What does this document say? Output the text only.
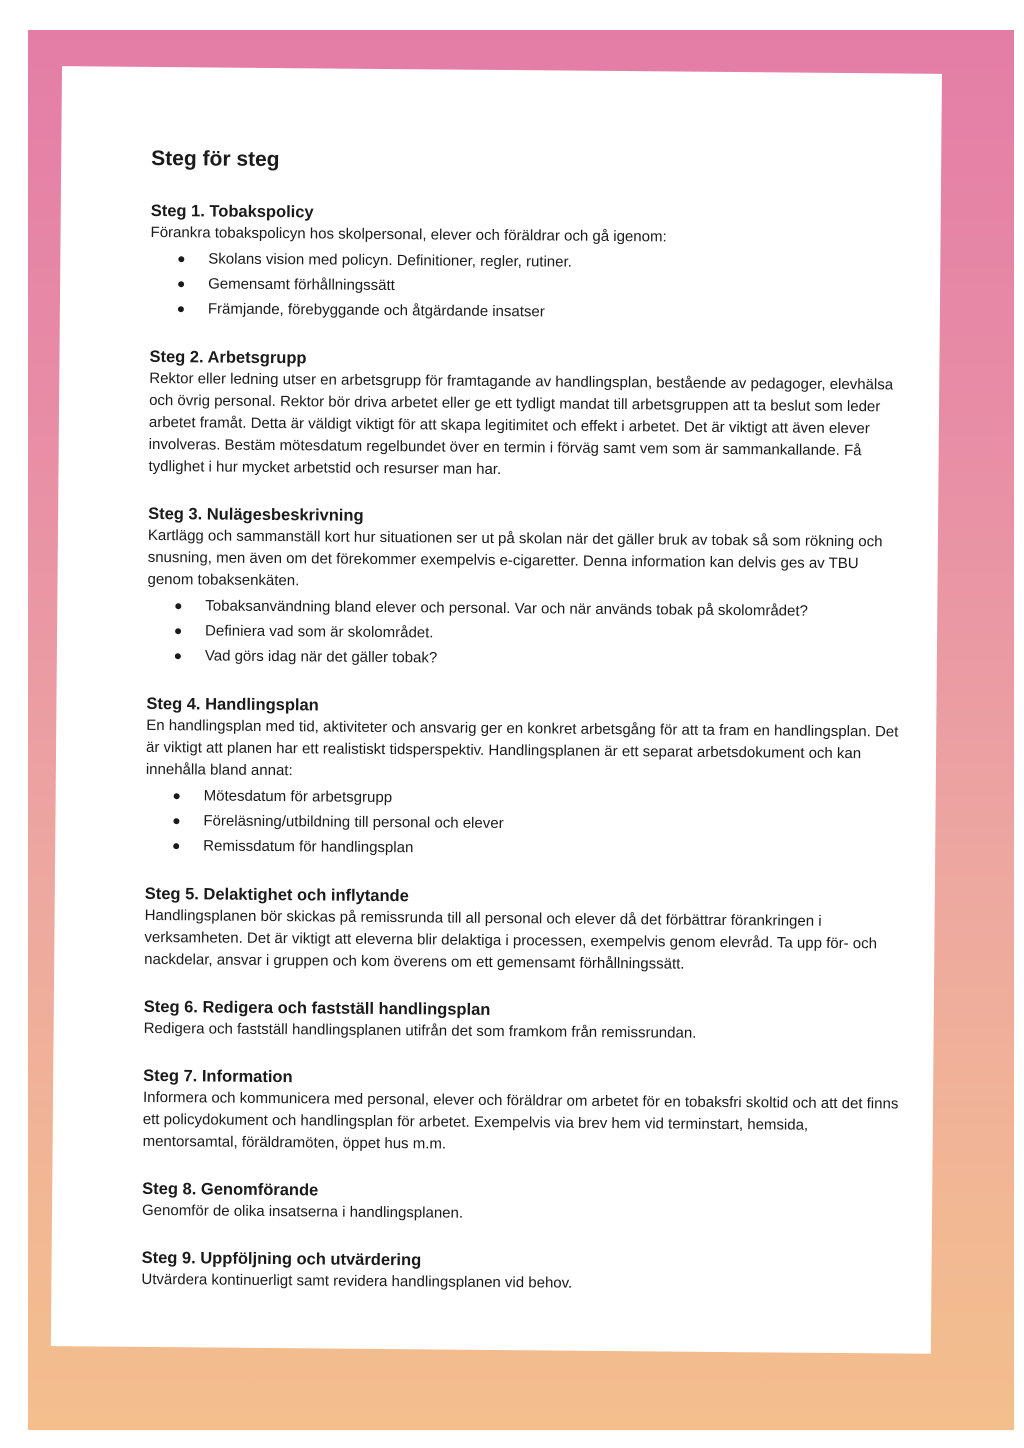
Steg för steg
Steg 1. Tobakspolicy

Förankra tobakspolicyn hos skolpersonal, elever och föräldrar och gå igenom:

Skolans vision med policyn. Definitioner, regler, rutiner.
Gemensamt förhållningssätt
Främjande, förebyggande och åtgärdande insatser
Steg 2. Arbetsgrupp

Rektor eller ledning utser en arbetsgrupp för framtagande av handlingsplan, bestående av pedagoger, elevhälsa och övrig personal. Rektor bör driva arbetet eller ge ett tydligt mandat till arbetsgruppen att ta beslut som leder arbetet framåt. Detta är väldigt viktigt för att skapa legitimitet och effekt i arbetet. Det är viktigt att även elever involveras. Bestäm mötesdatum regelbundet över en termin i förväg samt vem som är sammankallande. Få tydlighet i hur mycket arbetstid och resurser man har.

Steg 3. Nulägesbeskrivning

Kartlägg och sammanställ kort hur situationen ser ut på skolan när det gäller bruk av tobak så som rökning och snusning, men även om det förekommer exempelvis e-cigaretter. Denna information kan delvis ges av TBU genom tobaksenkäten.

Tobaksanvändning bland elever och personal. Var och när används tobak på skolområdet?
Definiera vad som är skolområdet.
Vad görs idag när det gäller tobak?
Steg 4. Handlingsplan

En handlingsplan med tid, aktiviteter och ansvarig ger en konkret arbetsgång för att ta fram en handlingsplan. Det är viktigt att planen har ett realistiskt tidsperspektiv. Handlingsplanen är ett separat arbetsdokument och kan innehålla bland annat:

Mötesdatum för arbetsgrupp
Föreläsning/utbildning till personal och elever
Remissdatum för handlingsplan
Steg 5. Delaktighet och inflytande

Handlingsplanen bör skickas på remissrunda till all personal och elever då det förbättrar förankringen i verksamheten. Det är viktigt att eleverna blir delaktiga i processen, exempelvis genom elevråd. Ta upp för- och nackdelar, ansvar i gruppen och kom överens om ett gemensamt förhållningssätt.

Steg 6. Redigera och fastställ handlingsplan

Redigera och fastställ handlingsplanen utifrån det som framkom från remissrundan.

Steg 7. Information

Informera och kommunicera med personal, elever och föräldrar om arbetet för en tobaksfri skoltid och att det finns ett policydokument och handlingsplan för arbetet. Exempelvis via brev hem vid terminstart, hemsida, mentorsamtal, föräldramöten, öppet hus m.m.

Steg 8. Genomförande

Genomför de olika insatserna i handlingsplanen.

Steg 9. Uppföljning och utvärdering

Utvärdera kontinuerligt samt revidera handlingsplanen vid behov.
